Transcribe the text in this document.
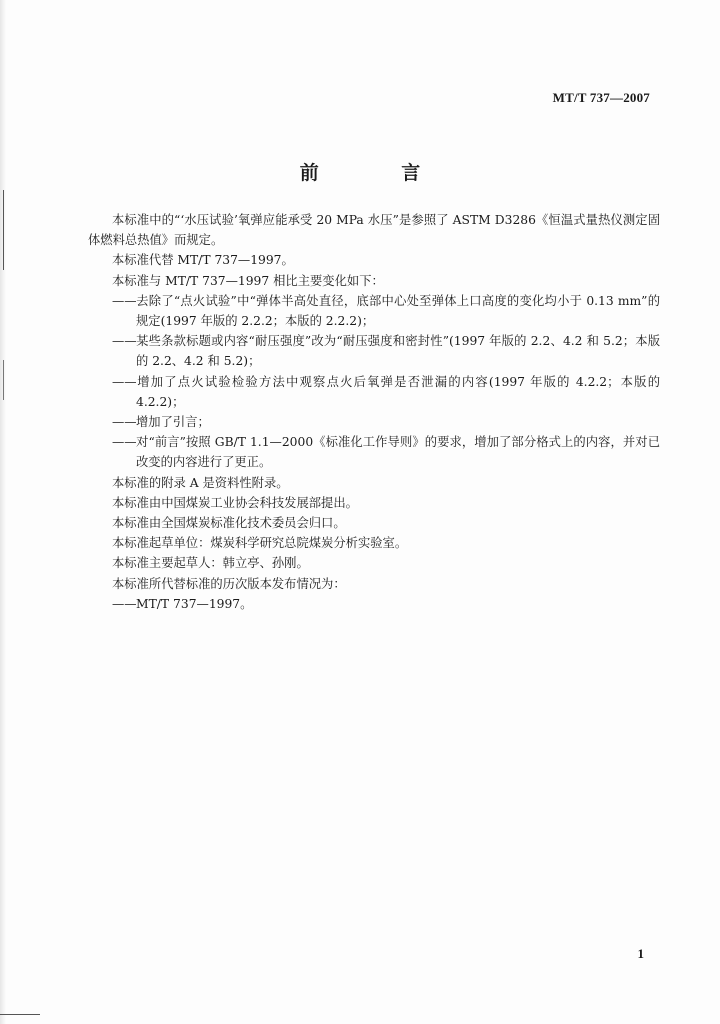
MT/T 737—2007
前 言

本标准中的“‘水压试验’氧弹应能承受 20 MPa 水压”是参照了 ASTM D3286《恒温式量热仪测定固体燃料总热值》而规定。

本标准代替 MT/T 737—1997。

本标准与 MT/T 737—1997 相比主要变化如下：

——去除了“点火试验”中“弹体半高处直径，底部中心处至弹体上口高度的变化均小于 0.13 mm”的规定(1997 年版的 2.2.2；本版的 2.2.2)；

——某些条款标题或内容“耐压强度”改为“耐压强度和密封性”(1997 年版的 2.2、4.2 和 5.2；本版的 2.2、4.2 和 5.2)；

——增加了点火试验检验方法中观察点火后氧弹是否泄漏的内容(1997 年版的 4.2.2；本版的 4.2.2)；

——增加了引言；

——对“前言”按照 GB/T 1.1—2000《标准化工作导则》的要求，增加了部分格式上的内容，并对已改变的内容进行了更正。

本标准的附录 A 是资料性附录。

本标准由中国煤炭工业协会科技发展部提出。

本标准由全国煤炭标准化技术委员会归口。

本标准起草单位：煤炭科学研究总院煤炭分析实验室。

本标准主要起草人：韩立亭、孙刚。

本标准所代替标准的历次版本发布情况为：

——MT/T 737—1997。

1
